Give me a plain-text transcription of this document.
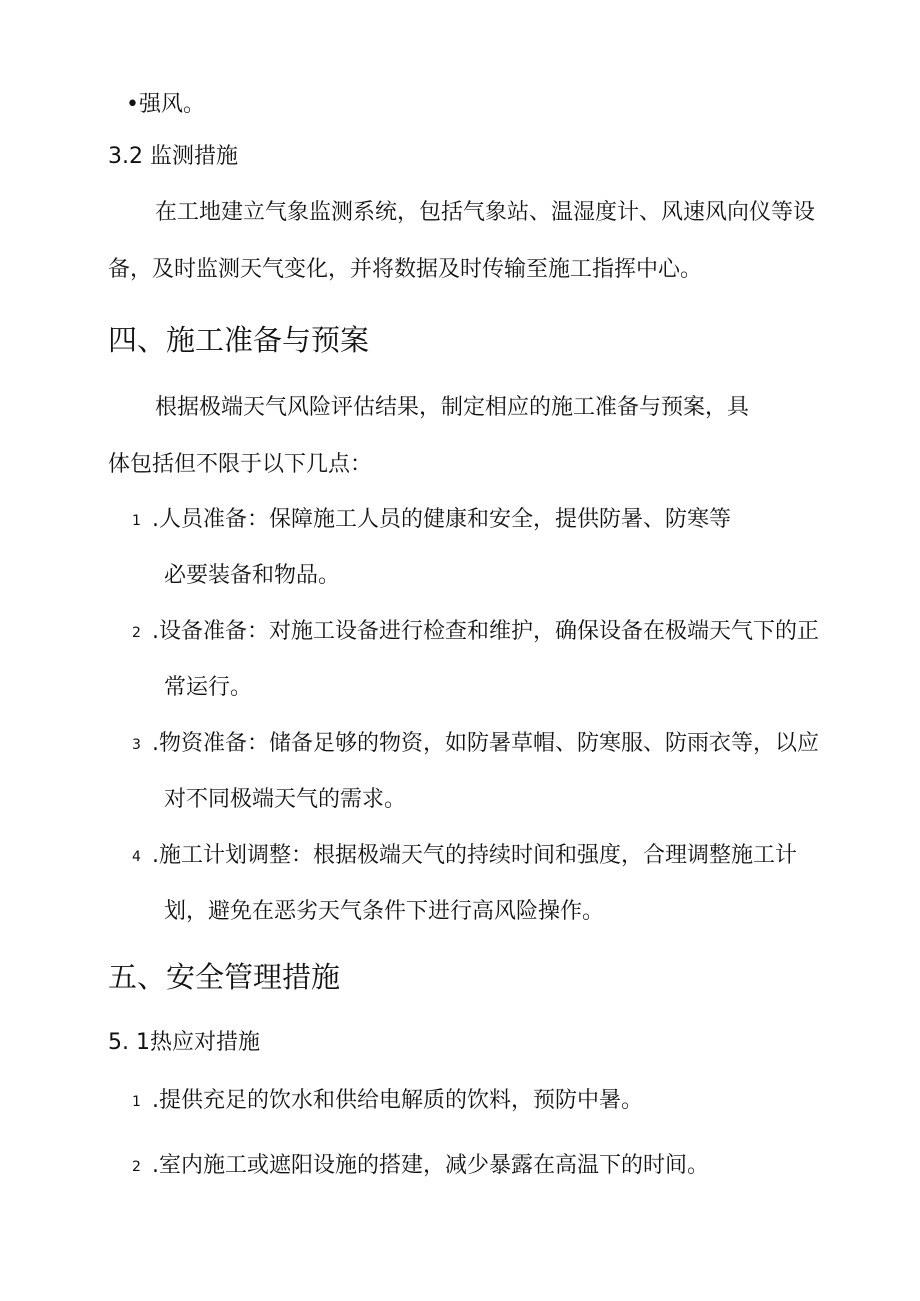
•强风。
3.2 监测措施
在工地建立气象监测系统，包括气象站、温湿度计、风速风向仪等设
备，及时监测天气变化，并将数据及时传输至施工指挥中心。
四、施工准备与预案
根据极端天气风险评估结果，制定相应的施工准备与预案，具
体包括但不限于以下几点：
1 .人员准备：保障施工人员的健康和安全，提供防暑、防寒等
必要装备和物品。
2 .设备准备：对施工设备进行检查和维护，确保设备在极端天气下的正
常运行。
3 .物资准备：储备足够的物资，如防暑草帽、防寒服、防雨衣等，以应
对不同极端天气的需求。
4 .施工计划调整：根据极端天气的持续时间和强度，合理调整施工计
划，避免在恶劣天气条件下进行高风险操作。
五、安全管理措施
5. 1热应对措施
1 .提供充足的饮水和供给电解质的饮料，预防中暑。
2 .室内施工或遮阳设施的搭建，减少暴露在高温下的时间。
